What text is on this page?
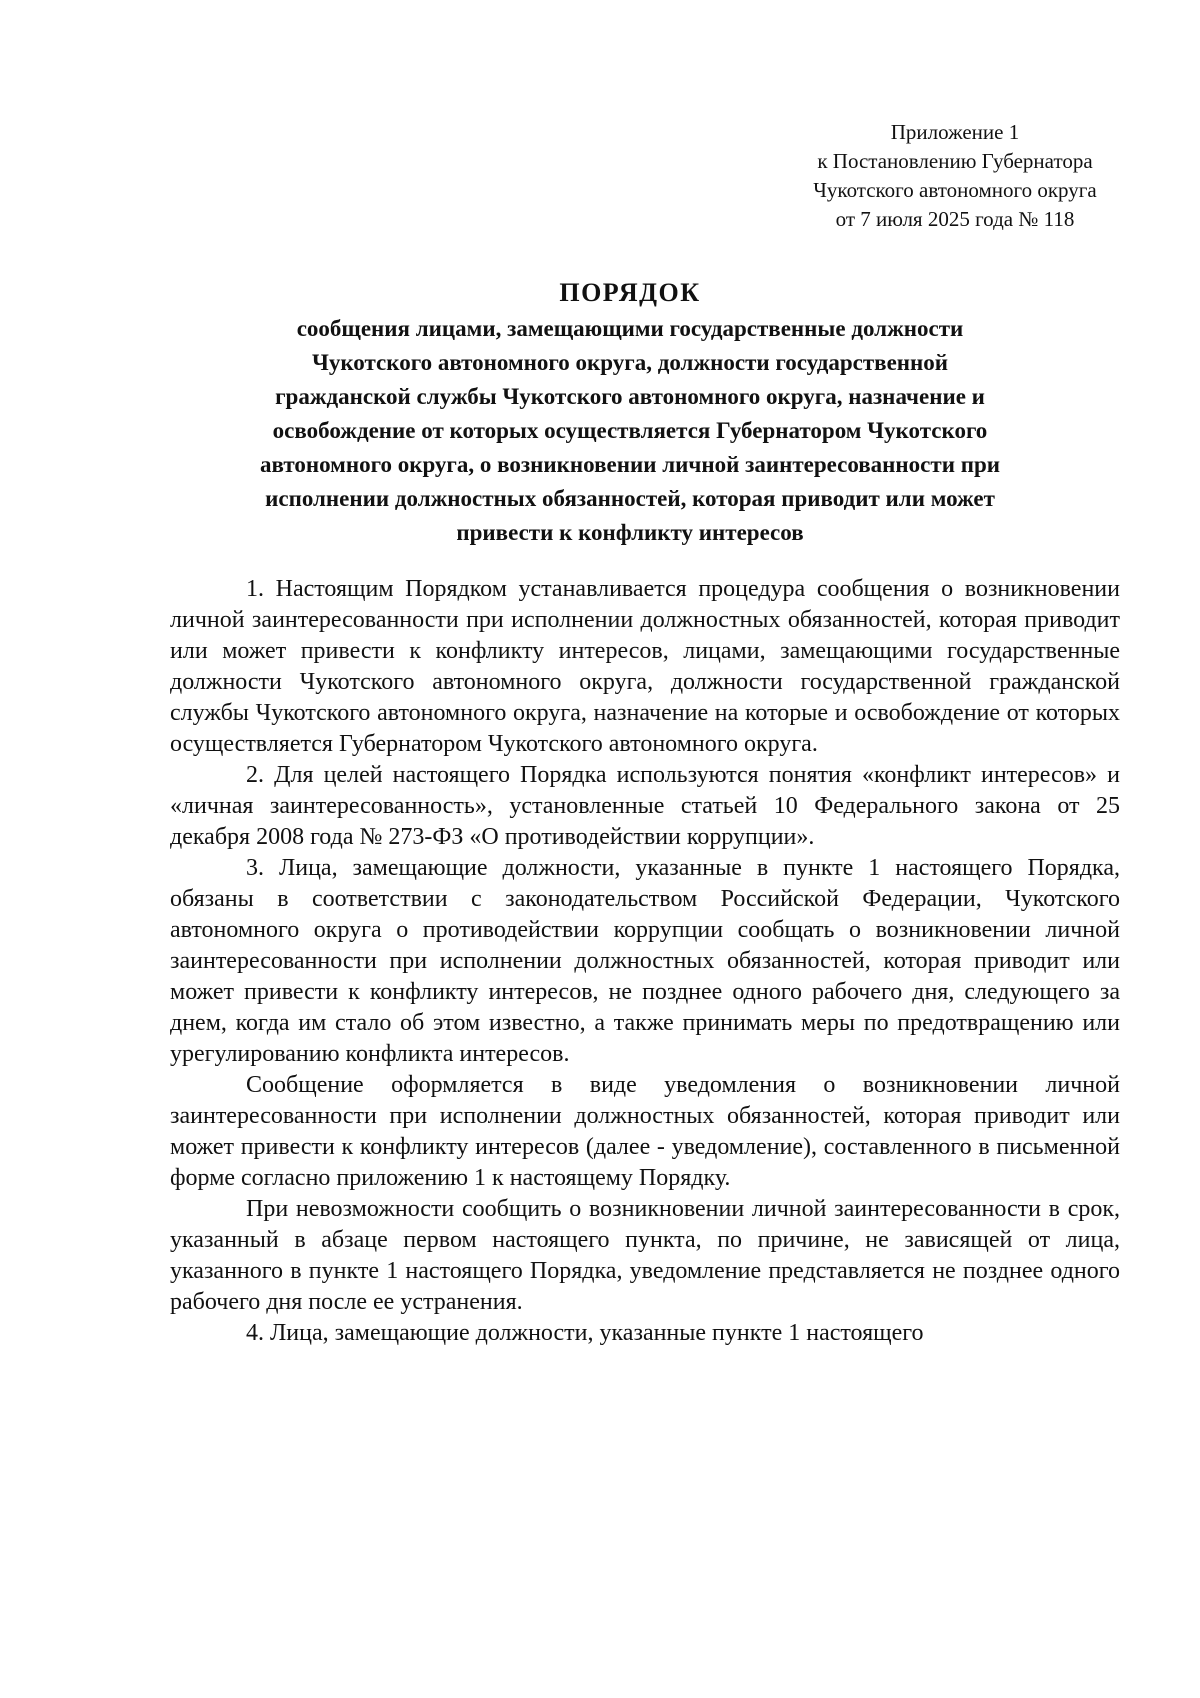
Приложение 1
к Постановлению Губернатора
Чукотского автономного округа
от 7 июля 2025 года № 118
ПОРЯДОК
сообщения лицами, замещающими государственные должности
Чукотского автономного округа, должности государственной
гражданской службы Чукотского автономного округа, назначение и
освобождение от которых осуществляется Губернатором Чукотского
автономного округа, о возникновении личной заинтересованности при
исполнении должностных обязанностей, которая приводит или может
привести к конфликту интересов

1. Настоящим Порядком устанавливается процедура сообщения о возникновении личной заинтересованности при исполнении должностных обязанностей, которая приводит или может привести к конфликту интересов, лицами, замещающими государственные должности Чукотского автономного округа, должности государственной гражданской службы Чукотского автономного округа, назначение на которые и освобождение от которых осуществляется Губернатором Чукотского автономного округа.

2. Для целей настоящего Порядка используются понятия «конфликт интересов» и «личная заинтересованность», установленные статьей 10 Федерального закона от 25 декабря 2008 года № 273-ФЗ «О противодействии коррупции».

3. Лица, замещающие должности, указанные в пункте 1 настоящего Порядка, обязаны в соответствии с законодательством Российской Федерации, Чукотского автономного округа о противодействии коррупции сообщать о возникновении личной заинтересованности при исполнении должностных обязанностей, которая приводит или может привести к конфликту интересов, не позднее одного рабочего дня, следующего за днем, когда им стало об этом известно, а также принимать меры по предотвращению или урегулированию конфликта интересов.

Сообщение оформляется в виде уведомления о возникновении личной заинтересованности при исполнении должностных обязанностей, которая приводит или может привести к конфликту интересов (далее - уведомление), составленного в письменной форме согласно приложению 1 к настоящему Порядку.

При невозможности сообщить о возникновении личной заинтересованности в срок, указанный в абзаце первом настоящего пункта, по причине, не зависящей от лица, указанного в пункте 1 настоящего Порядка, уведомление представляется не позднее одного рабочего дня после ее устранения.

4. Лица, замещающие должности, указанные пункте 1 настоящего
